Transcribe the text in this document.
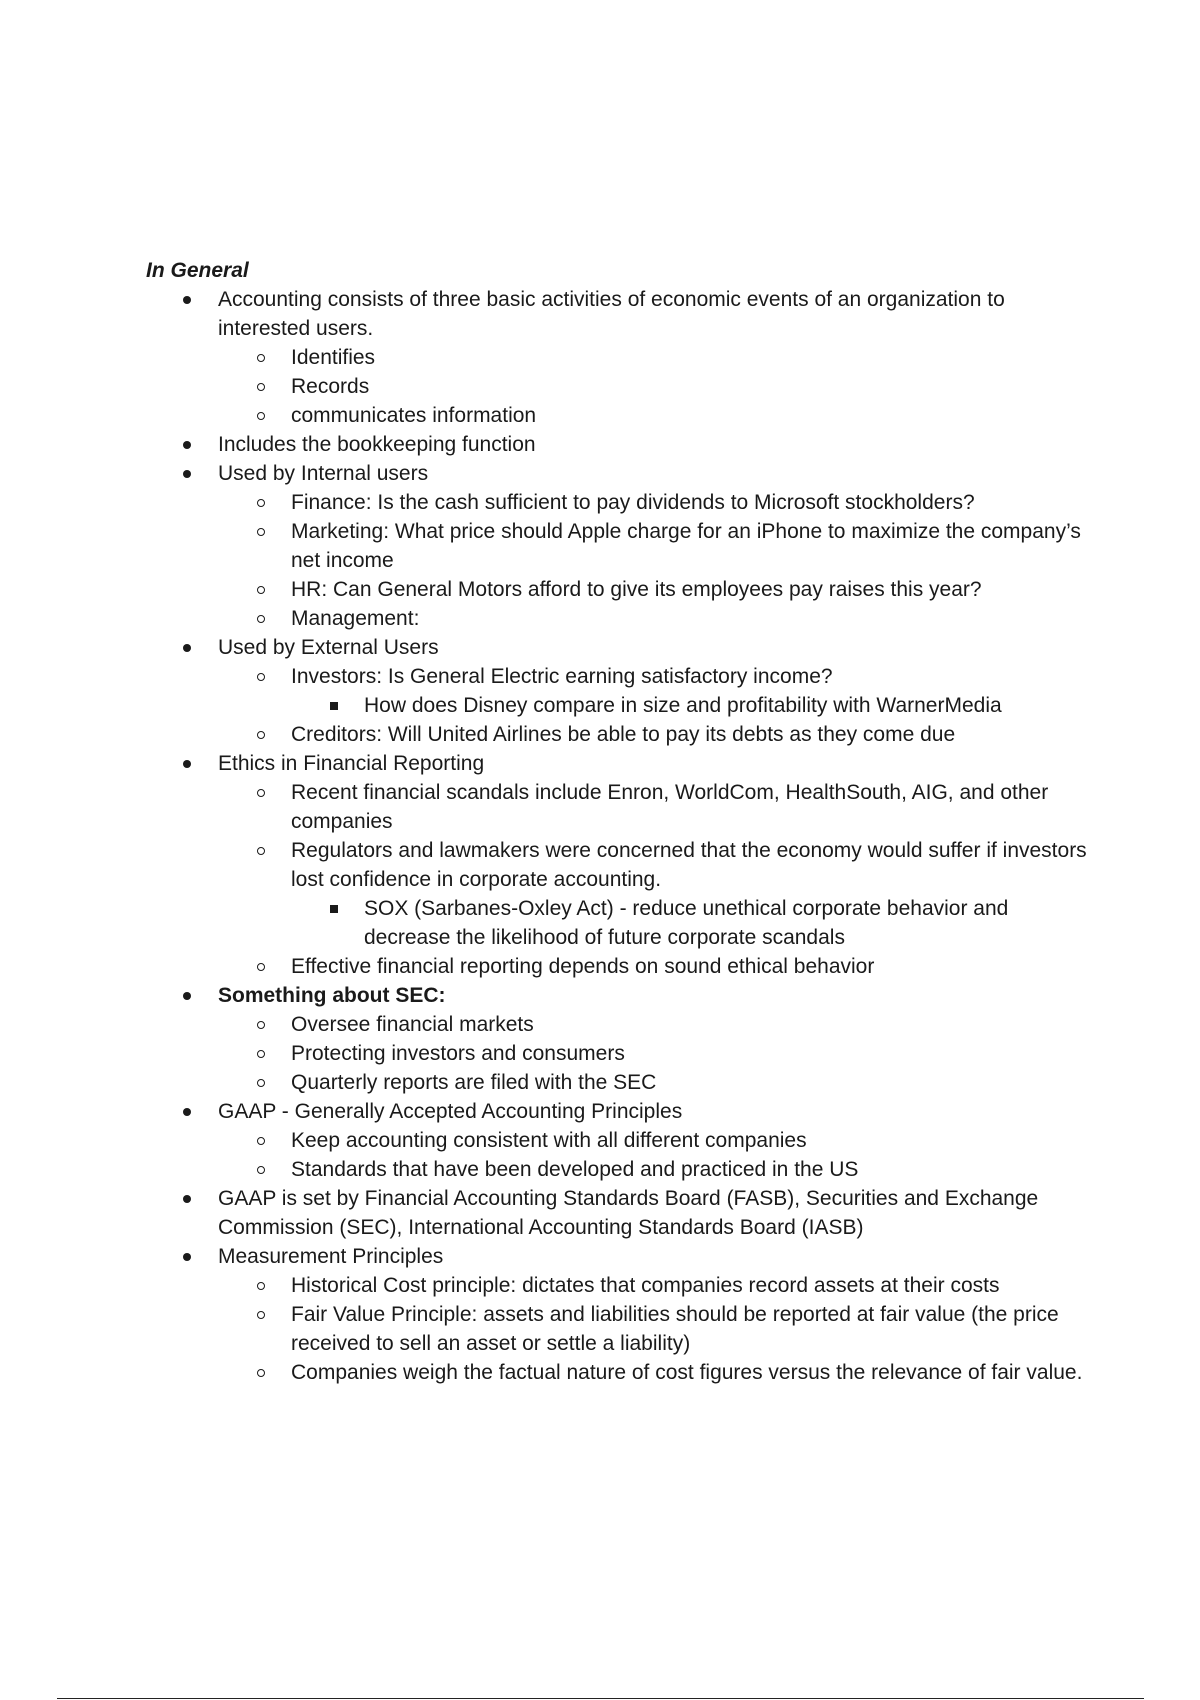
In General
Accounting consists of three basic activities of economic events of an organization to interested users.
Identifies
Records
communicates information
Includes the bookkeeping function
Used by Internal users
Finance: Is the cash sufficient to pay dividends to Microsoft stockholders?
Marketing: What price should Apple charge for an iPhone to maximize the company’s net income
HR: Can General Motors afford to give its employees pay raises this year?
Management:
Used by External Users
Investors: Is General Electric earning satisfactory income?
How does Disney compare in size and profitability with WarnerMedia
Creditors: Will United Airlines be able to pay its debts as they come due
Ethics in Financial Reporting
Recent financial scandals include Enron, WorldCom, HealthSouth, AIG, and other companies
Regulators and lawmakers were concerned that the economy would suffer if investors lost confidence in corporate accounting.
SOX (Sarbanes-Oxley Act) - reduce unethical corporate behavior and decrease the likelihood of future corporate scandals
Effective financial reporting depends on sound ethical behavior
Something about SEC:
Oversee financial markets
Protecting investors and consumers
Quarterly reports are filed with the SEC
GAAP - Generally Accepted Accounting Principles
Keep accounting consistent with all different companies
Standards that have been developed and practiced in the US
GAAP is set by Financial Accounting Standards Board (FASB), Securities and Exchange Commission (SEC), International Accounting Standards Board (IASB)
Measurement Principles
Historical Cost principle: dictates that companies record assets at their costs
Fair Value Principle: assets and liabilities should be reported at fair value (the price received to sell an asset or settle a liability)
Companies weigh the factual nature of cost figures versus the relevance of fair value.
